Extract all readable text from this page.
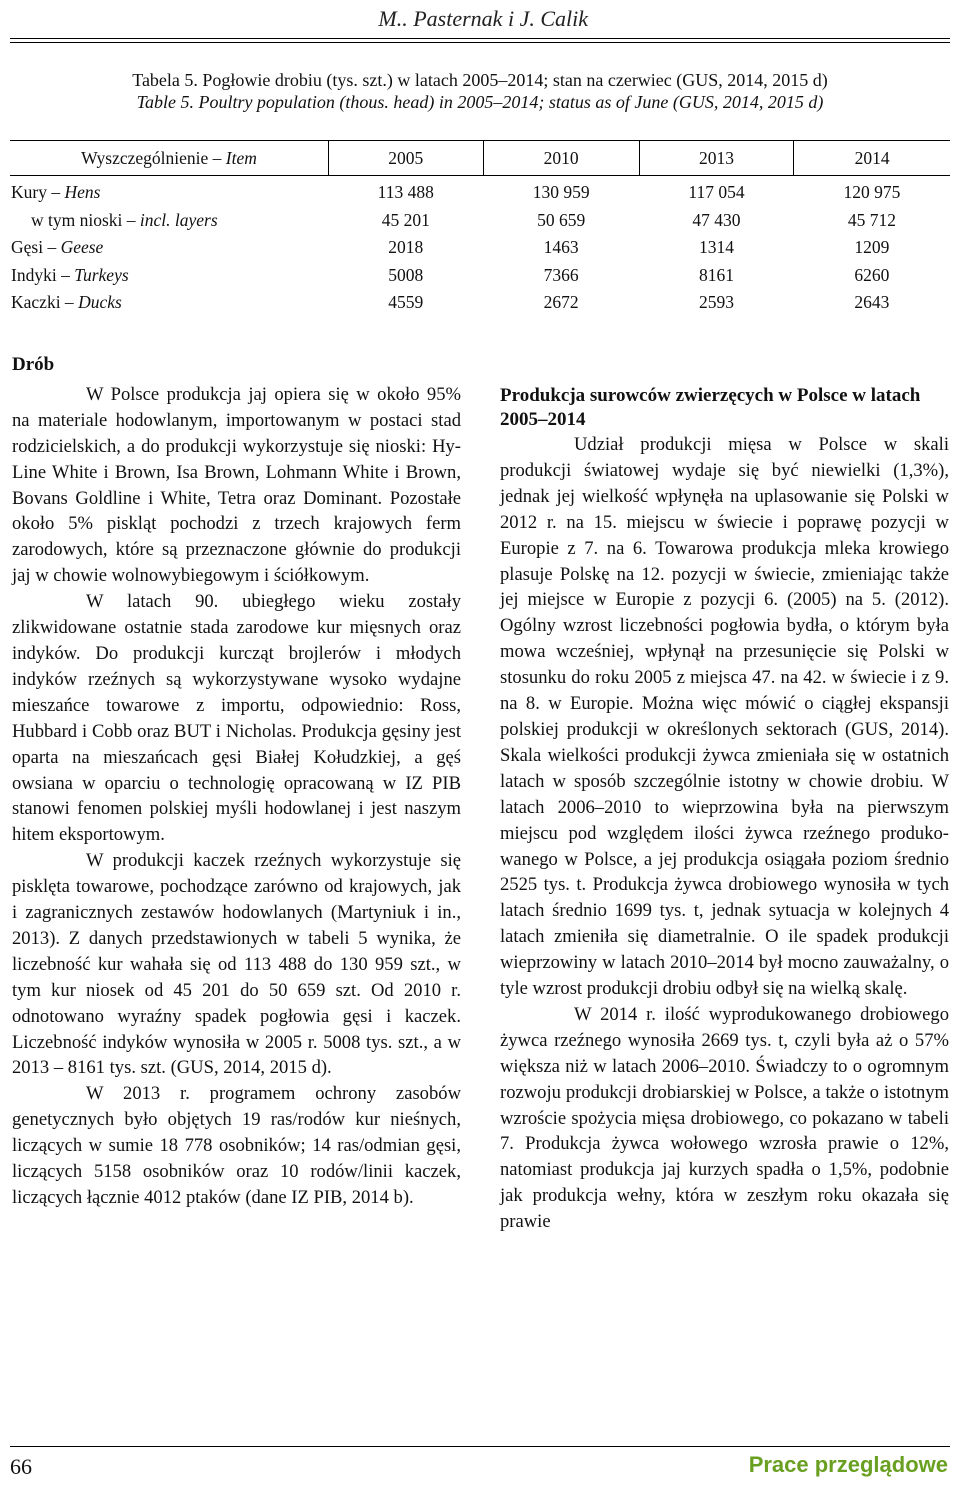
M.. Pasternak i J. Calik
Tabela 5. Pogłowie drobiu (tys. szt.) w latach 2005–2014; stan na czerwiec (GUS, 2014, 2015 d)
Table 5. Poultry population (thous. head) in 2005–2014; status as of June (GUS, 2014, 2015 d)
Wyszczególnienie – Item	2005	2010	2013	2014
Kury – Hens	113 488	130 959	117 054	120 975
w tym nioski – incl. layers	45 201	50 659	47 430	45 712
Gęsi – Geese	2018	1463	1314	1209
Indyki – Turkeys	5008	7366	8161	6260
Kaczki – Ducks	4559	2672	2593	2643
Drób

W Polsce produkcja jaj opiera się w około 95% na materiale hodowlanym, importowanym w postaci stad rodzicielskich, a do produkcji wykorzystuje się nioski: Hy-Line White i Brown, Isa Brown, Lohmann White i Brown, Bovans Goldline i White, Tetra oraz Dominant. Pozostałe około 5% piskląt pochodzi z trzech krajowych ferm zarodowych, które są przeznaczone głównie do produkcji jaj w chowie wolnowybiegowym i ściółkowym.

W latach 90. ubiegłego wieku zostały zlikwidowane ostatnie stada zarodowe kur mięsnych oraz indyków. Do produkcji kurcząt brojlerów i młodych indyków rzeźnych są wykorzystywane wysoko wydajne mieszańce towarowe z importu, odpowiednio: Ross, Hubbard i Cobb oraz BUT i Nicholas. Produkcja gęsiny jest oparta na mieszańcach gęsi Białej Kołudzkiej, a gęś owsiana w oparciu o technologię opracowaną w IZ PIB stanowi fenomen polskiej myśli hodowlanej i jest naszym hitem eksportowym.

W produkcji kaczek rzeźnych wykorzystuje się pisklęta towarowe, pochodzące zarówno od krajowych, jak i zagranicznych zestawów hodowlanych (Martyniuk i in., 2013). Z danych przedstawionych w tabeli 5 wynika, że liczebność kur wahała się od 113 488 do 130 959 szt., w tym kur niosek od 45 201 do 50 659 szt. Od 2010 r. odnotowano wyraźny spadek pogłowia gęsi i kaczek. Liczebność indyków wynosiła w 2005 r. 5008 tys. szt., a w 2013 – 8161 tys. szt. (GUS, 2014, 2015 d).

W 2013 r. programem ochrony zasobów genetycznych było objętych 19 ras/rodów kur nieśnych, liczących w sumie 18 778 osobników; 14 ras/odmian gęsi, liczących 5158 osobników oraz 10 rodów/linii kaczek, liczących łącznie 4012 ptaków (dane IZ PIB, 2014 b).

Produkcja surowców zwierzęcych w Polsce w latach 2005–2014

Udział produkcji mięsa w Polsce w skali produkcji światowej wydaje się być niewielki (1,3%), jednak jej wielkość wpłynęła na uplasowanie się Polski w 2012 r. na 15. miejscu w świecie i poprawę pozycji w Europie z 7. na 6. Towarowa produkcja mleka krowiego plasuje Polskę na 12. pozycji w świecie, zmieniając także jej miejsce w Europie z pozycji 6. (2005) na 5. (2012). Ogólny wzrost liczebności pogłowia bydła, o którym była mowa wcześniej, wpłynął na przesunięcie się Polski w stosunku do roku 2005 z miejsca 47. na 42. w świecie i z 9. na 8. w Europie. Można więc mówić o ciągłej ekspansji polskiej produkcji w określonych sektorach (GUS, 2014). Skala wielkości produkcji żywca zmieniała się w ostatnich latach w sposób szczególnie istotny w chowie drobiu. W latach 2006–2010 to wieprzowina była na pierwszym miejscu pod względem ilości żywca rzeźnego produkowanego w Polsce, a jej produkcja osiągała poziom średnio 2525 tys. t. Produkcja żywca drobiowego wynosiła w tych latach średnio 1699 tys. t, jednak sytuacja w kolejnych 4 latach zmieniła się diametralnie. O ile spadek produkcji wieprzowiny w latach 2010–2014 był mocno zauważalny, o tyle wzrost produkcji drobiu odbył się na wielką skalę.

W 2014 r. ilość wyprodukowanego drobiowego żywca rzeźnego wynosiła 2669 tys. t, czyli była aż o 57% większa niż w latach 2006–2010. Świadczy to o ogromnym rozwoju produkcji drobiarskiej w Polsce, a także o istotnym wzroście spożycia mięsa drobiowego, co pokazano w tabeli 7. Produkcja żywca wołowego wzrosła prawie o 12%, natomiast produkcja jaj kurzych spadła o 1,5%, podobnie jak produkcja wełny, która w zeszłym roku okazała się prawie

66	Prace przeglądowe
